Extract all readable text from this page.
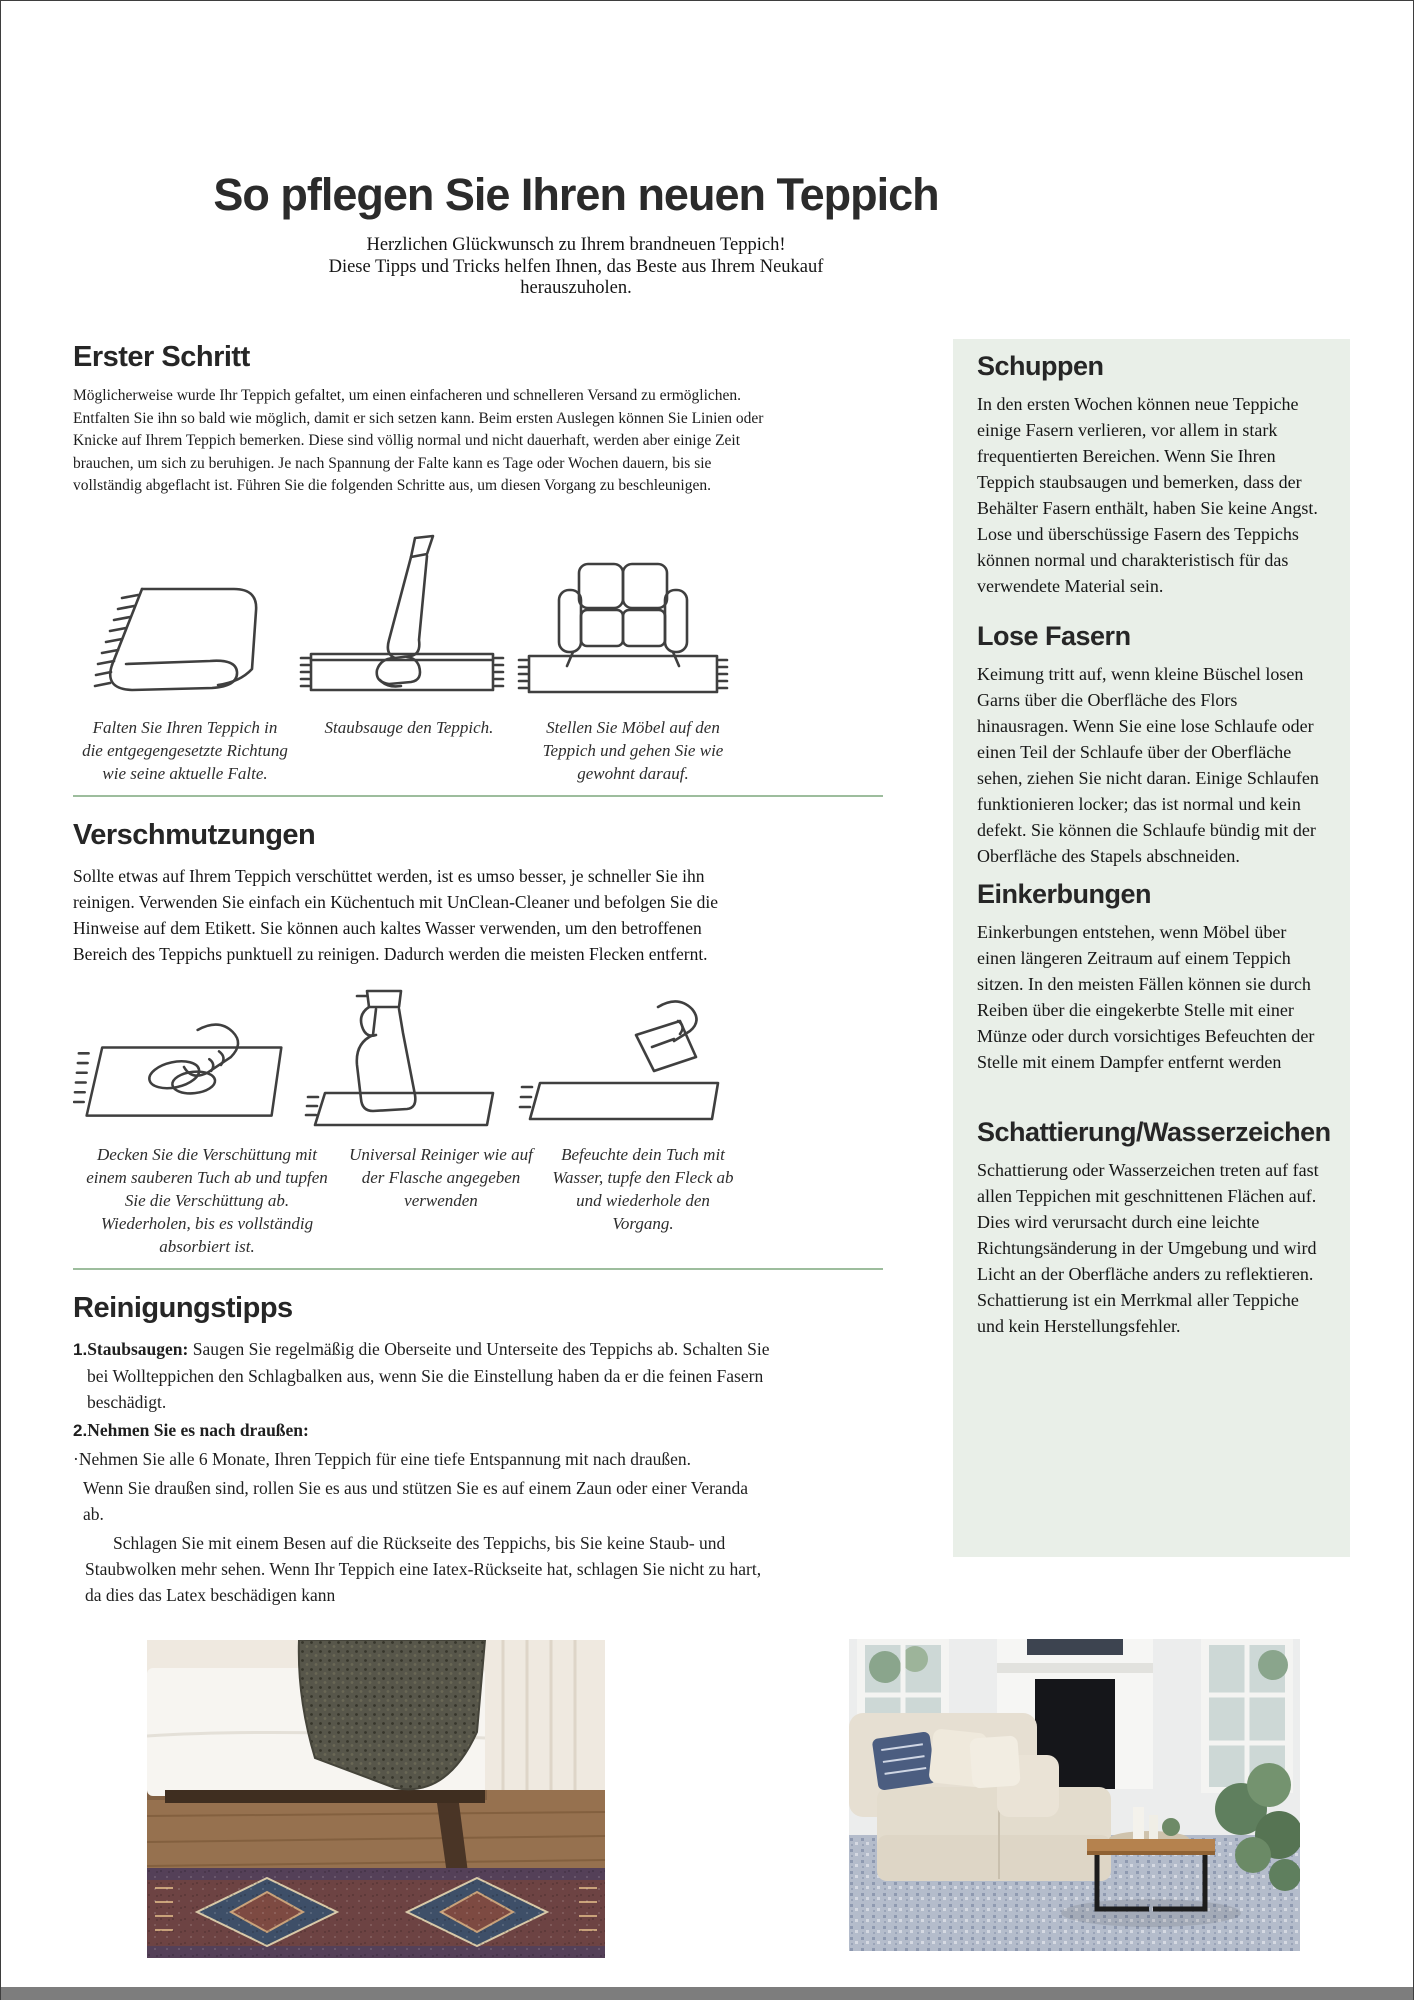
So pflegen Sie Ihren neuen Teppich
Herzlichen Glückwunsch zu Ihrem brandneuen Teppich!
Diese Tipps und Tricks helfen Ihnen, das Beste aus Ihrem Neukauf
herauszuholen.
Erster Schritt

Möglicherweise wurde Ihr Teppich gefaltet, um einen einfacheren und schnelleren Versand zu ermöglichen. Entfalten Sie ihn so bald wie möglich, damit er sich setzen kann. Beim ersten Auslegen können Sie Linien oder Knicke auf Ihrem Teppich bemerken. Diese sind völlig normal und nicht dauerhaft, werden aber einige Zeit brauchen, um sich zu beruhigen. Je nach Spannung der Falte kann es Tage oder Wochen dauern, bis sie vollständig abgeflacht ist. Führen Sie die folgenden Schritte aus, um diesen Vorgang zu beschleunigen.

Falten Sie Ihren Teppich in die entgegengesetzte Richtung wie seine aktuelle Falte.
Staubsauge den Teppich.	Stellen Sie Möbel auf den Teppich und gehen Sie wie gewohnt darauf.
Verschmutzungen

Sollte etwas auf Ihrem Teppich verschüttet werden, ist es umso besser, je schneller Sie ihn reinigen. Verwenden Sie einfach ein Küchentuch mit UnClean-Cleaner und befolgen Sie die Hinweise auf dem Etikett. Sie können auch kaltes Wasser verwenden, um den betroffenen Bereich des Teppichs punktuell zu reinigen. Dadurch werden die meisten Flecken entfernt.

Decken Sie die Verschüttung mit einem sauberen Tuch ab und tupfen Sie die Verschüttung ab. Wiederholen, bis es vollständig absorbiert ist.
Universal Reiniger wie auf der Flasche angegeben verwenden
Befeuchte dein Tuch mit Wasser, tupfe den Fleck ab und wiederhole den Vorgang.
Reinigungstipps

1.Staubsaugen: Saugen Sie regelmäßig die Oberseite und Unterseite des Teppichs ab. Schalten Sie bei Wollteppichen den Schlagbalken aus, wenn Sie die Einstellung haben da er die feinen Fasern beschädigt.

2.Nehmen Sie es nach draußen:

·Nehmen Sie alle 6 Monate, Ihren Teppich für eine tiefe Entspannung mit nach draußen.

Wenn Sie draußen sind, rollen Sie es aus und stützen Sie es auf einem Zaun oder einer Veranda ab.

Schlagen Sie mit einem Besen auf die Rückseite des Teppichs, bis Sie keine Staub- und Staubwolken mehr sehen. Wenn Ihr Teppich eine Iatex-Rückseite hat, schlagen Sie nicht zu hart, da dies das Latex beschädigen kann

Schuppen

In den ersten Wochen können neue Teppiche einige Fasern verlieren, vor allem in stark frequentierten Bereichen. Wenn Sie Ihren Teppich staubsaugen und bemerken, dass der Behälter Fasern enthält, haben Sie keine Angst. Lose und überschüssige Fasern des Teppichs können normal und charakteristisch für das verwendete Material sein.

Lose Fasern

Keimung tritt auf, wenn kleine Büschel losen Garns über die Oberfläche des Flors hinausragen. Wenn Sie eine lose Schlaufe oder einen Teil der Schlaufe über der Oberfläche sehen, ziehen Sie nicht daran. Einige Schlaufen funktionieren locker; das ist normal und kein defekt. Sie können die Schlaufe bündig mit der Oberfläche des Stapels abschneiden.

Einkerbungen

Einkerbungen entstehen, wenn Möbel über einen längeren Zeitraum auf einem Teppich sitzen. In den meisten Fällen können sie durch Reiben über die eingekerbte Stelle mit einer Münze oder durch vorsichtiges Befeuchten der Stelle mit einem Dampfer entfernt werden

Schattierung/Wasserzeichen

Schattierung oder Wasserzeichen treten auf fast allen Teppichen mit geschnittenen Flächen auf. Dies wird verursacht durch eine leichte Richtungsänderung in der Umgebung und wird Licht an der Oberfläche anders zu reflektieren. Schattierung ist ein Merrkmal aller Teppiche und kein Herstellungsfehler.
